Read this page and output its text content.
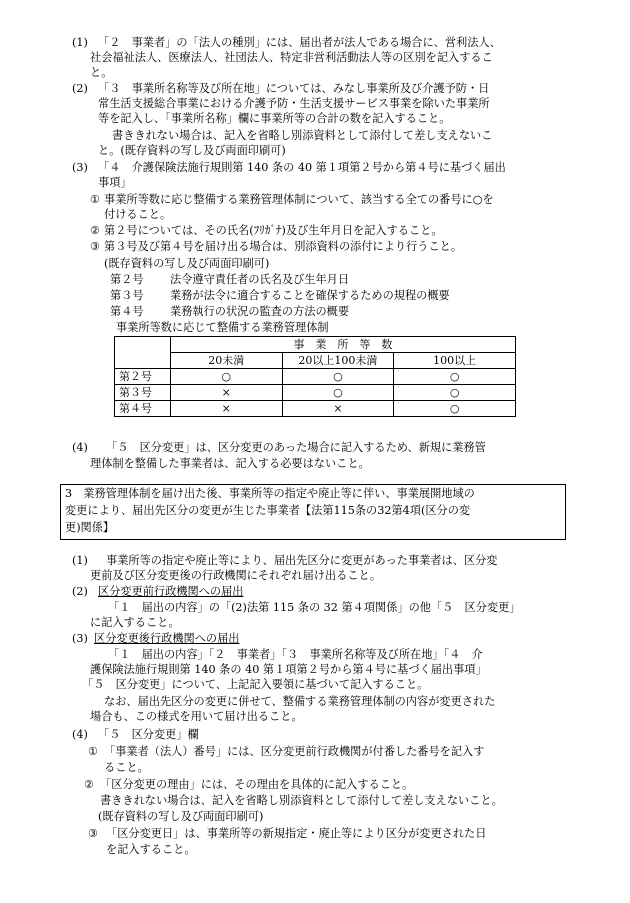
(1) 「２　事業者」の「法人の種別」には、届出者が法人である場合に、営利法人、
社会福祉法人、医療法人、社団法人、特定非営利活動法人等の区別を記入するこ
と。
(2) 「３　事業所名称等及び所在地」については、みなし事業所及び介護予防・日
常生活支援総合事業における介護予防・生活支援サービス事業を除いた事業所
等を記入し、「事業所名称」欄に事業所等の合計の数を記入すること。
書ききれない場合は、記入を省略し別添資料として添付して差し支えないこ
と。(既存資料の写し及び両面印刷可)
(3) 「４　介護保険法施行規則第 140 条の 40 第１項第２号から第４号に基づく届出
事項」
① 事業所等数に応じ整備する業務管理体制について、該当する全ての番号に○を
付けること。
② 第２号については、その氏名(ﾌﾘｶﾞﾅ)及び生年月日を記入すること。
③ 第３号及び第４号を届け出る場合は、別添資料の添付により行うこと。
(既存資料の写し及び両面印刷可)
第２号 法令遵守責任者の氏名及び生年月日
第３号 業務が法令に適合することを確保するための規程の概要
第４号 業務執行の状況の監査の方法の概要
事業所等数に応じて整備する業務管理体制
	事　業　所　等　数		
	20未満	20以上100未満	100以上
第２号	○	○	○
第３号	×	○	○
第４号	×	×	○
(4) 「５　区分変更」は、区分変更のあった場合に記入するため、新規に業務管
理体制を整備した事業者は、記入する必要はないこと。
3　業務管理体制を届け出た後、事業所等の指定や廃止等に伴い、事業展開地域の
変更により、届出先区分の変更が生じた事業者【法第115条の32第4項(区分の変
更)関係】
(1) 事業所等の指定や廃止等により、届出先区分に変更があった事業者は、区分変
更前及び区分変更後の行政機関にそれぞれ届け出ること。
(2) 区分変更前行政機関への届出
「１　届出の内容」の「(2)法第 115 条の 32 第４項関係」の他「５　区分変更」
に記入すること。
(3) 区分変更後行政機関への届出
「１　届出の内容」「２　事業者」「３　事業所名称等及び所在地」「４　介
護保険法施行規則第 140 条の 40 第１項第２号から第４号に基づく届出事項」
「５　区分変更」について、上記記入要領に基づいて記入すること。
なお、届出先区分の変更に併せて、整備する業務管理体制の内容が変更された
場合も、この様式を用いて届け出ること。
(4) 「５　区分変更」欄
① 「事業者（法人）番号」には、区分変更前行政機関が付番した番号を記入す
ること。
② 「区分変更の理由」には、その理由を具体的に記入すること。
書ききれない場合は、記入を省略し別添資料として添付して差し支えないこと。
(既存資料の写し及び両面印刷可)
③ 「区分変更日」は、事業所等の新規指定・廃止等により区分が変更された日
を記入すること。
